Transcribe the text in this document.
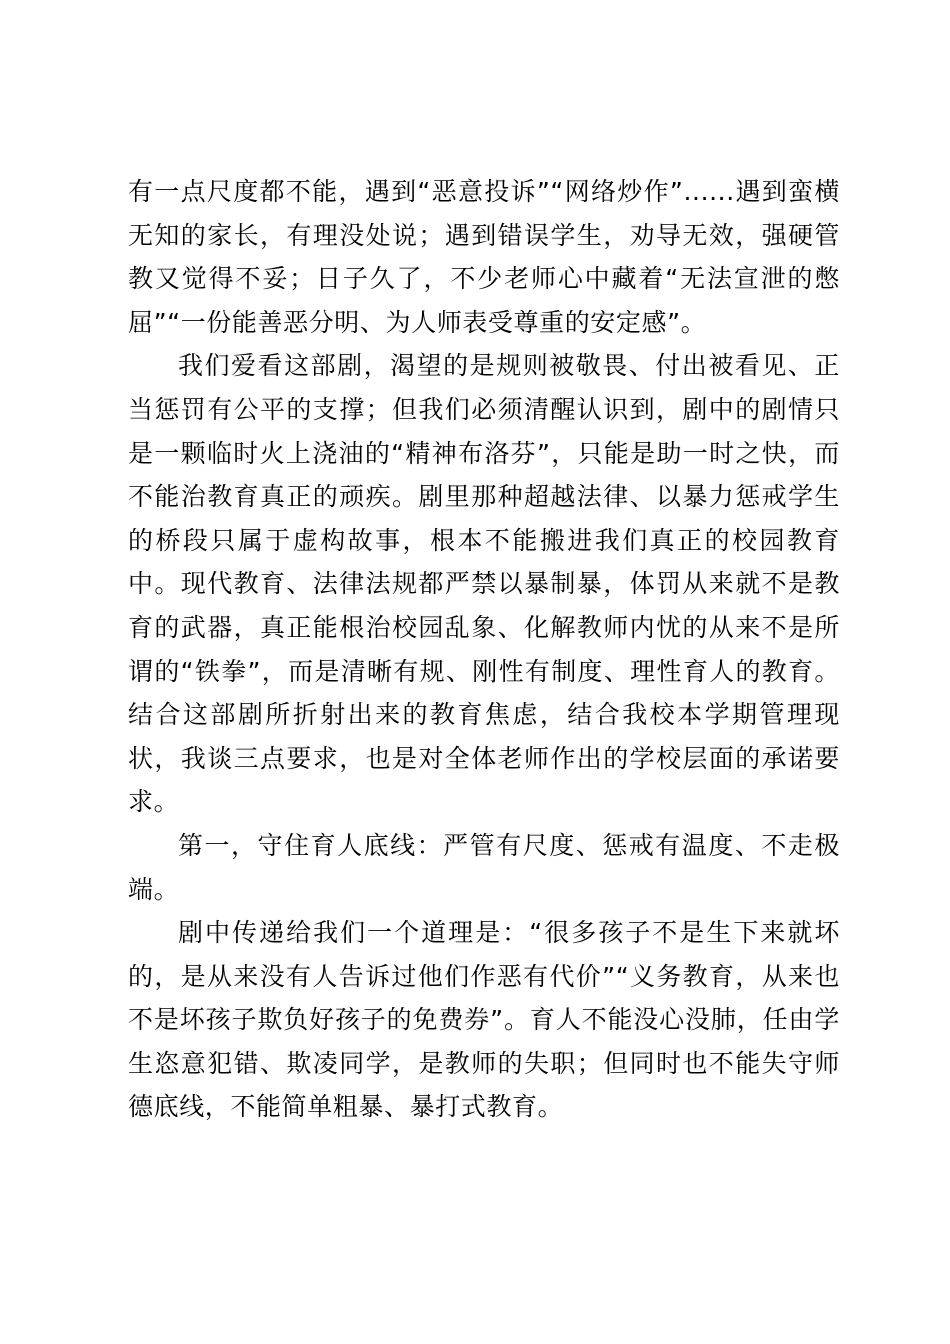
有一点尺度都不能，遇到“恶意投诉”“网络炒作”......遇到蛮横无知的家长，有理没处说；遇到错误学生，劝导无效，强硬管教又觉得不妥；日子久了，不少老师心中藏着“无法宣泄的憋屈”“一份能善恶分明、为人师表受尊重的安定感”。

我们爱看这部剧，渴望的是规则被敬畏、付出被看见、正当惩罚有公平的支撑；但我们必须清醒认识到，剧中的剧情只是一颗临时火上浇油的“精神布洛芬”，只能是助一时之快，而不能治教育真正的顽疾。剧里那种超越法律、以暴力惩戒学生的桥段只属于虚构故事，根本不能搬进我们真正的校园教育中。现代教育、法律法规都严禁以暴制暴，体罚从来就不是教育的武器，真正能根治校园乱象、化解教师内忧的从来不是所谓的“铁拳”，而是清晰有规、刚性有制度、理性育人的教育。结合这部剧所折射出来的教育焦虑，结合我校本学期管理现状，我谈三点要求，也是对全体老师作出的学校层面的承诺要求。

第一，守住育人底线：严管有尺度、惩戒有温度、不走极端。

剧中传递给我们一个道理是：“很多孩子不是生下来就坏的，是从来没有人告诉过他们作恶有代价”“义务教育，从来也不是坏孩子欺负好孩子的免费券”。育人不能没心没肺，任由学生恣意犯错、欺凌同学，是教师的失职；但同时也不能失守师德底线，不能简单粗暴、暴打式教育。
